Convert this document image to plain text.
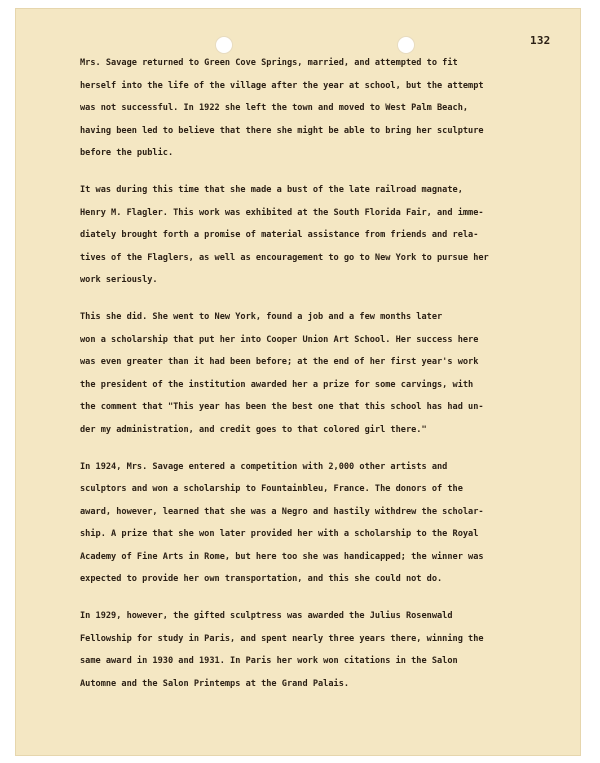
132

Mrs. Savage returned to Green Cove Springs, married, and attempted to fit
herself into the life of the village after the year at school, but the attempt
was not successful. In 1922 she left the town and moved to West Palm Beach,
having been led to believe that there she might be able to bring her sculpture
before the public.

It was during this time that she made a bust of the late railroad magnate,
Henry M. Flagler. This work was exhibited at the South Florida Fair, and imme-
diately brought forth a promise of material assistance from friends and rela-
tives of the Flaglers, as well as encouragement to go to New York to pursue her
work seriously.

This she did. She went to New York, found a job and a few months later
won a scholarship that put her into Cooper Union Art School. Her success here
was even greater than it had been before; at the end of her first year's work
the president of the institution awarded her a prize for some carvings, with
the comment that "This year has been the best one that this school has had un-
der my administration, and credit goes to that colored girl there."

In 1924, Mrs. Savage entered a competition with 2,000 other artists and
sculptors and won a scholarship to Fountainbleu, France. The donors of the
award, however, learned that she was a Negro and hastily withdrew the scholar-
ship. A prize that she won later provided her with a scholarship to the Royal
Academy of Fine Arts in Rome, but here too she was handicapped; the winner was
expected to provide her own transportation, and this she could not do.

In 1929, however, the gifted sculptress was awarded the Julius Rosenwald
Fellowship for study in Paris, and spent nearly three years there, winning the
same award in 1930 and 1931. In Paris her work won citations in the Salon
Automne and the Salon Printemps at the Grand Palais.
